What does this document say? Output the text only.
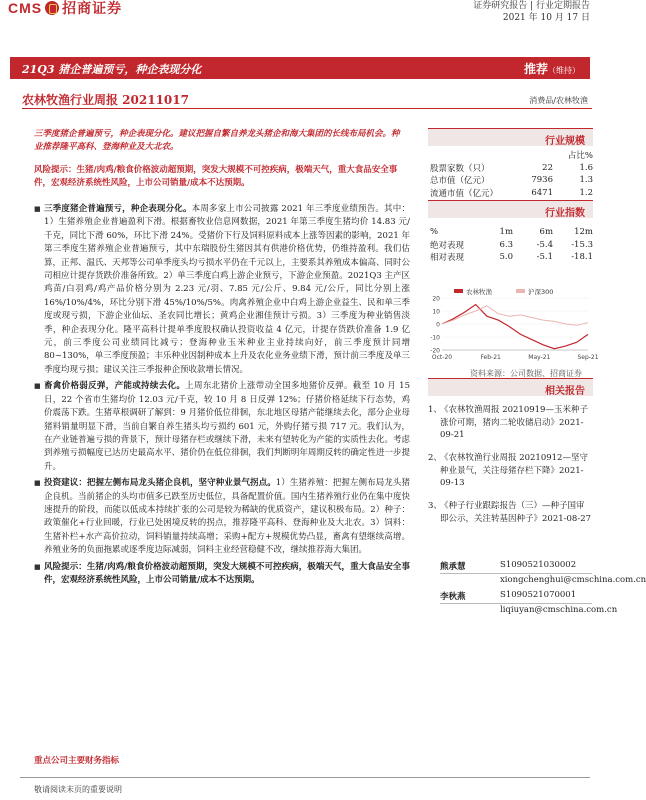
CMS 招商证券	证券研究报告 | 行业定期报告
2021 年 10 月 17 日
21Q3 猪企普遍预亏，种企表现分化	推荐（维持）
农林牧渔行业周报 20211017	消费品/农林牧渔
三季度猪企普遍预亏，种企表现分化。建议把握自繁自养龙头猪企和海大集团的长线布局机会。种业推荐隆平高科、登海种业及大北农。
风险提示：生猪/肉鸡/粮食价格波动超预期，突发大规模不可控疾病，极端天气，重大食品安全事件，宏观经济系统性风险，上市公司销量/成本不达预期。

■ 三季度猪企普遍预亏，种企表现分化。本周多家上市公司披露 2021 年三季度业绩预告。其中：1）生猪养殖企业普遍盈利下滑。根据畜牧业信息网数据，2021 年第三季度生猪均价 14.83 元/千克，同比下滑 60%，环比下滑 24%。受猪价下行及饲料原料成本上涨等因素的影响，2021 年第三季度生猪养殖企业普遍预亏，其中东瑞股份生猪因其有供港价格优势，仍维持盈利。我们估算，正邦、温氏、天邦等公司单季度头均亏损水平仍在千元以上，主要系其养殖成本偏高、同时公司相应计提存货跌价准备所致。2）单三季度白鸡上游企业预亏，下游企业预盈。2021Q3 主产区鸡苗/白羽鸡/鸡产品价格分别为 2.23 元/羽、7.85 元/公斤、9.84 元/公斤，同比分别上涨 16%/10%/4%，环比分别下滑 45%/10%/5%。肉禽养殖企业中白鸡上游企业益生、民和单三季度或现亏损，下游企业仙坛、圣农同比增长；黄鸡企业湘佳预计亏损。3）三季度为种业销售淡季，种企表现分化。隆平高科计提单季度股权确认投资收益 4 亿元，计提存货跌价准备 1.9 亿元，前三季度公司业绩同比减亏；登海种业玉米种业主业持续向好，前三季度预计同增 80~130%，单三季度预盈；丰乐种业因制种成本上升及农化业务业绩下滑，预计前三季度及单三季度均现亏损；建议关注三季报种企预收款增长情况。

■ 畜禽价格弱反弹，产能或持续去化。上周东北猪价上涨带动全国多地猪价反弹。截至 10 月 15 日，22 个省市生猪均价 12.03 元/千克，较 10 月 8 日反弹 12%；仔猪价格延续下行态势，鸡价震荡下跌。生猪草根调研了解到：9 月猪价低位徘徊，东北地区母猪产能继续去化，部分企业母猪料销量明显下滑，当前自繁自养生猪头均亏损约 601 元，外购仔猪亏损 717 元。我们认为，在产业链普遍亏损的背景下，预计母猪存栏或继续下滑，未来有望转化为产能的实质性去化。考虑到养殖亏损幅度已达历史最高水平、猪价仍在低位徘徊，我们判断明年周期反转的确定性进一步提升。

■ 投资建议：把握左侧布局龙头猪企良机，坚守种业景气拐点。1）生猪养殖：把握左侧布局龙头猪企良机。当前猪企的头均市值多已跌至历史低位，具备配置价值。国内生猪养殖行业仍在集中度快速提升的阶段，而能以低成本持续扩张的公司是较为稀缺的优质资产，建议积极布局。2）种子：政策催化+行业回暖，行业已处困境反转的拐点，推荐隆平高科、登海种业及大北农。3）饲料：生猪补栏+水产高价拉动，饲料销量持续高增；采购+配方+规模优势凸显，畜禽有望继续高增。养殖业务的负面拖累或逐季度边际减弱，饲料主业经营稳健不改，继续推荐海大集团。

■ 风险提示：生猪/肉鸡/粮食价格波动超预期，突发大规模不可控疾病，极端天气，重大食品安全事件，宏观经济系统性风险，上市公司销量/成本不达预期。

重点公司主要财务指标
敬请阅读末页的重要说明
行业规模
占比%
股票家数（只）	22	1.6
总市值（亿元）	7936	1.3
流通市值（亿元）	6471	1.2
行业指数
%	1m	6m	12m
绝对表现	6.3	-5.4	-15.3
相对表现	5.0	-5.1	-18.1
20
10
0
-10
-20
Oct-20	Feb-21	May-21	Sep-21
农林牧渔	沪深300
资料来源：公司数据、招商证券
相关报告
1、
《农林牧渔周报 20210919—玉米种子涨价可期，猪肉二轮收储启动》2021-09-21
2、
《农林牧渔行业周报 20210912—坚守种业景气，关注母猪存栏下降》2021-09-13
3、
《种子行业跟踪报告（三）—种子国审即公示，关注转基因种子》2021-08-27
熊承慧	S1090521030002
xiongchenghui@cmschina.com.cn
李秋燕	S1090521070001
liqiuyan@cmschina.com.cn
